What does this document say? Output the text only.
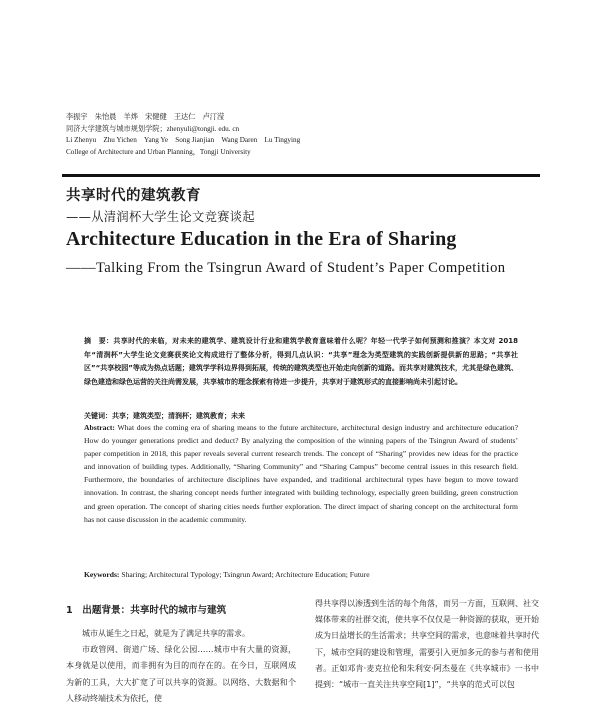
李振宇　朱怡晨　羊烨　宋健健　王达仁　卢汀滢
同济大学建筑与城市规划学院；zhenyuli@tongji. edu. cn
Li Zhenyu　Zhu Yichen　Yang Ye　Song Jianjian　Wang Daren　Lu Tingying
College of Architecture and Urban Planning，Tongji University
共享时代的建筑教育
——从清润杯大学生论文竞赛谈起
Architecture Education in the Era of Sharing
——Talking From the Tsingrun Award of Student’s Paper Competition
摘　要：共享时代的来临，对未来的建筑学、建筑设计行业和建筑学教育意味着什么呢？年轻一代学子如何预测和推演？本文对 2018 年“清润杯”大学生论文竞赛获奖论文构成进行了整体分析，得到几点认识：“共享”理念为类型建筑的实践创新提供新的思路；“共享社区”“共享校园”等成为热点话题；建筑学学科边界得到拓展，传统的建筑类型也开始走向创新的道路。而共享对建筑技术，尤其是绿色建筑、绿色建造和绿色运营的关注尚需发展，共享城市的理念探索有待进一步提升，共享对于建筑形式的直接影响尚未引起讨论。
关键词：共享；建筑类型；清润杯；建筑教育；未来
Abstract: What does the coming era of sharing means to the future architecture, architectural design industry and architecture education? How do younger generations predict and deduct? By analyzing the composition of the winning papers of the Tsingrun Award of students’ paper competition in 2018, this paper reveals several current research trends. The concept of “Sharing” provides new ideas for the practice and innovation of building types. Additionally, “Sharing Community” and “Sharing Campus” become central issues in this research field. Furthermore, the boundaries of architecture disciplines have expanded, and traditional architectural types have begun to move toward innovation. In contrast, the sharing concept needs further integrated with building technology, especially green building, green construction and green operation. The concept of sharing cities needs further exploration. The direct impact of sharing concept on the architectural form has not cause discussion in the academic community.
Keywords: Sharing; Architectural Typology; Tsingrun Award; Architecture Education; Future
1　 出题背景：共享时代的城市与建筑

城市从诞生之日起，就是为了满足共享的需求。

市政管网、街道广场、绿化公园……城市中有大量的资源，本身就是以使用，而非拥有为目的而存在的。在今日，互联网成为新的工具，大大扩宽了可以共享的资源。以网络、大数据和个人移动终端技术为依托，使

得共享得以渗透到生活的每个角落，而另一方面，互联网、社交媒体带来的社群交流，使共享不仅仅是一种资源的获取，更开始成为日益增长的生活需求；共享空间的需求，也意味着共享时代下，城市空间的建设和管理，需要引入更加多元的参与者和使用者。正如邓肯·麦克拉伦和朱利安·阿杰曼在《共享城市》一书中提到：“城市一直关注共享空间[1]”，“共享的范式可以包
